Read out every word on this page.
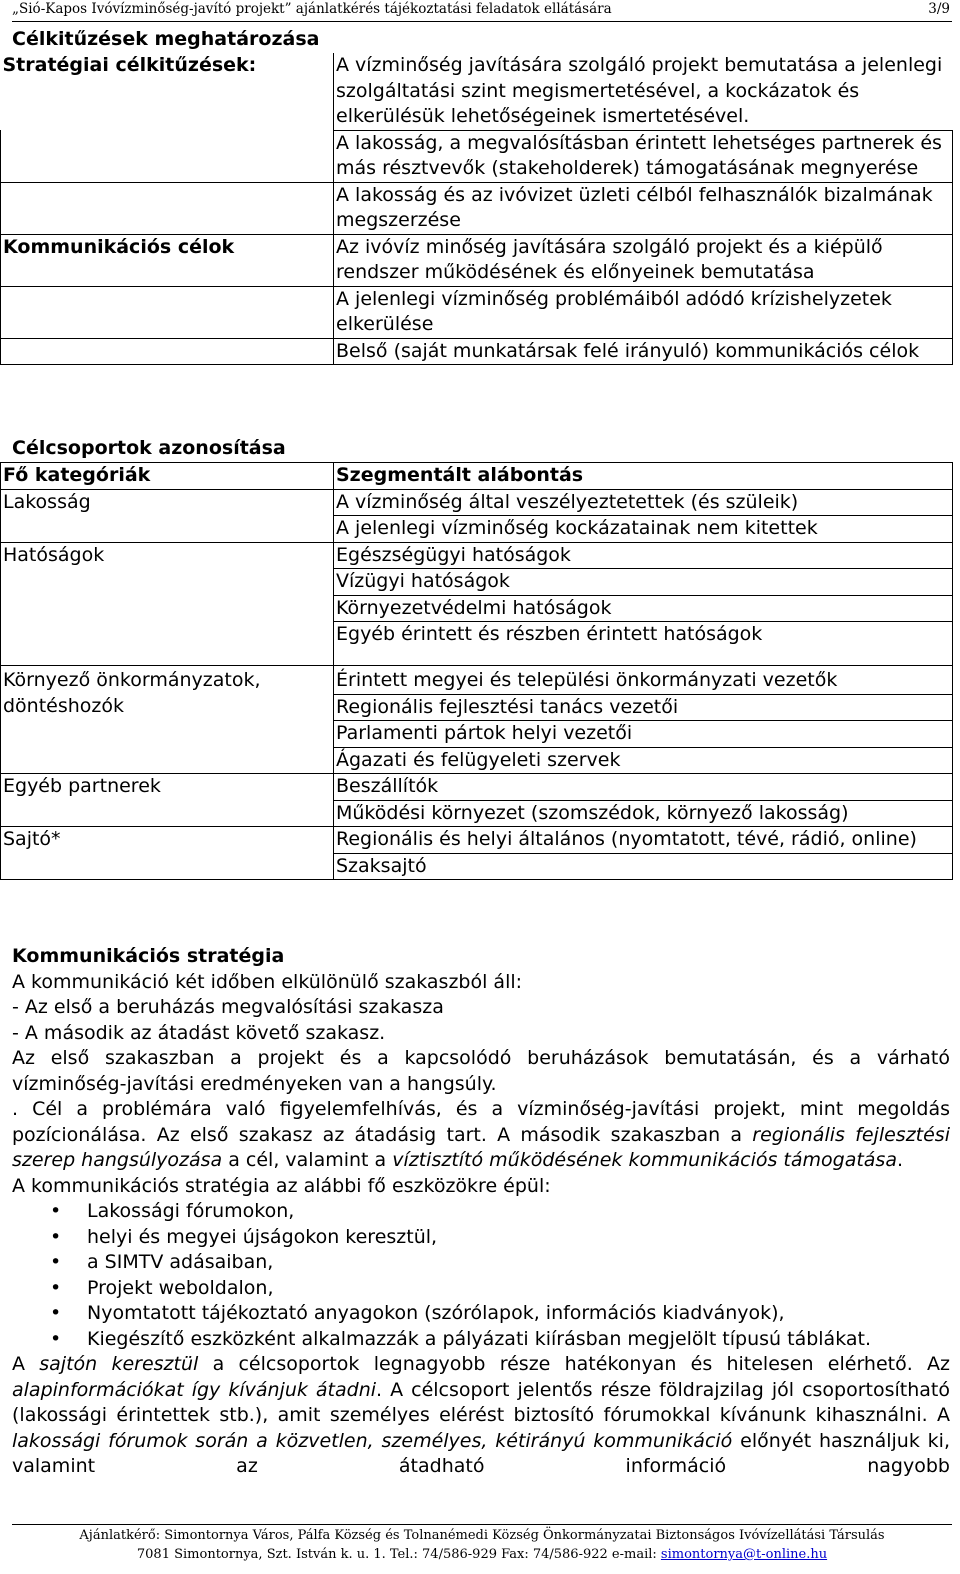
„Sió-Kapos Ivóvízminőség-javító projekt” ajánlatkérés tájékoztatási feladatok ellátására	3/9
Célkitűzések meghatározása
Stratégiai célkitűzések:	A vízminőség javítására szolgáló projekt bemutatása a jelenlegi szolgáltatási szint megismertetésével, a kockázatok és elkerülésük lehetőségeinek ismertetésével.
	A lakosság, a megvalósításban érintett lehetséges partnerek és más résztvevők (stakeholderek) támogatásának megnyerése
	A lakosság és az ivóvizet üzleti célból felhasználók bizalmának megszerzése
Kommunikációs célok	Az ivóvíz minőség javítására szolgáló projekt és a kiépülő rendszer működésének és előnyeinek bemutatása
	A jelenlegi vízminőség problémáiból adódó krízishelyzetek elkerülése
	Belső (saját munkatársak felé irányuló) kommunikációs célok
Célcsoportok azonosítása
Fő kategóriák	Szegmentált alábontás
Lakosság	A vízminőség által veszélyeztetettek (és szüleik)
	A jelenlegi vízminőség kockázatainak nem kitettek
Hatóságok	Egészségügyi hatóságok
	Vízügyi hatóságok
	Környezetvédelmi hatóságok
	Egyéb érintett és részben érintett hatóságok
Környező önkormányzatok, döntéshozók	Érintett megyei és települési önkormányzati vezetők
	Regionális fejlesztési tanács vezetői
	Parlamenti pártok helyi vezetői
	Ágazati és felügyeleti szervek
Egyéb partnerek	Beszállítók
	Működési környezet (szomszédok, környező lakosság)
Sajtó*	Regionális és helyi általános (nyomtatott, tévé, rádió, online)
	Szaksajtó
Kommunikációs stratégia
A kommunikáció két időben elkülönülő szakaszból áll:
- Az első a beruházás megvalósítási szakasza
- A második az átadást követő szakasz.

Az első szakaszban a projekt és a kapcsolódó beruházások bemutatásán, és a várható vízminőség-javítási eredményeken van a hangsúly.

. Cél a problémára való figyelemfelhívás, és a vízminőség-javítási projekt, mint megoldás pozícionálása. Az első szakasz az átadásig tart. A második szakaszban a regionális fejlesztési szerep hangsúlyozása a cél, valamint a víztisztító működésének kommunikációs támogatása.

A kommunikációs stratégia az alábbi fő eszközökre épül:
• Lakossági fórumokon,
• helyi és megyei újságokon keresztül,
• a SIMTV adásaiban,
• Projekt weboldalon,
• Nyomtatott tájékoztató anyagokon (szórólapok, információs kiadványok),
• Kiegészítő eszközként alkalmazzák a pályázati kiírásban megjelölt típusú táblákat.

A sajtón keresztül a célcsoportok legnagyobb része hatékonyan és hitelesen elérhető. Az alapinformációkat így kívánjuk átadni. A célcsoport jelentős része földrajzilag jól csoportosítható (lakossági érintettek stb.), amit személyes elérést biztosító fórumokkal kívánunk kihasználni. A lakossági fórumok során a közvetlen, személyes, kétirányú kommunikáció előnyét használjuk ki, valamint az átadható információ nagyobb

Ajánlatkérő: Simontornya Város, Pálfa Község és Tolnanémedi Község Önkormányzatai Biztonságos Ivóvízellátási Társulás
7081 Simontornya, Szt. István k. u. 1. Tel.: 74/586-929 Fax: 74/586-922 e-mail: simontornya@t-online.hu
